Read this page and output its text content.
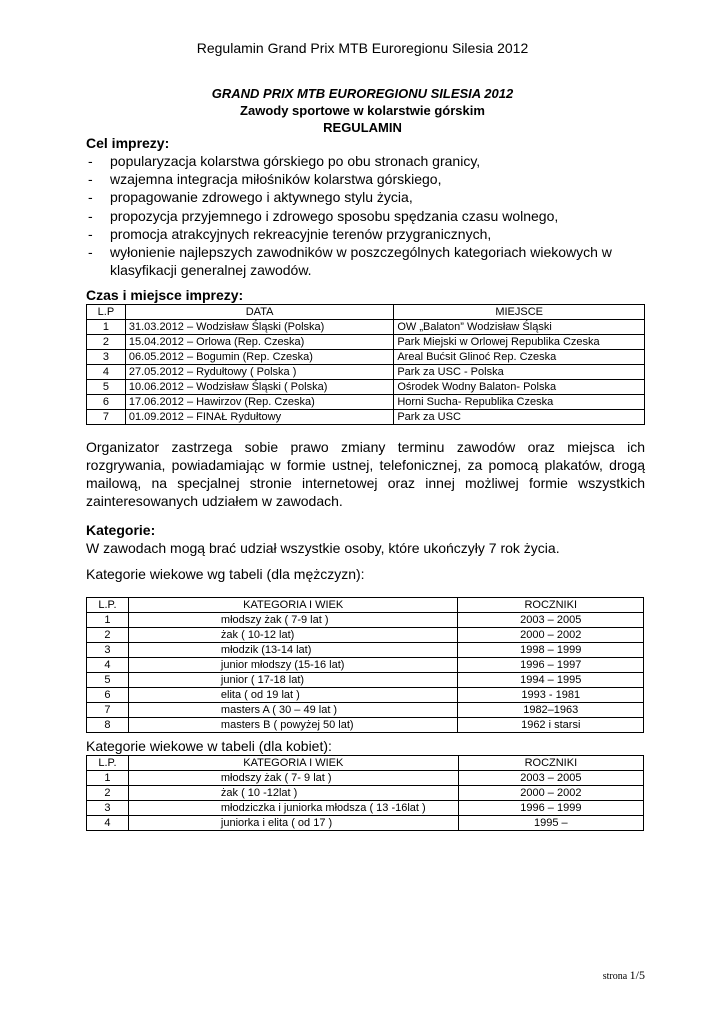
Regulamin Grand Prix MTB Euroregionu Silesia 2012
GRAND PRIX MTB EUROREGIONU SILESIA 2012
Zawody sportowe w kolarstwie górskim
REGULAMIN
Cel imprezy:
- popularyzacja kolarstwa górskiego po obu stronach granicy,
- wzajemna integracja miłośników kolarstwa górskiego,
- propagowanie zdrowego i aktywnego stylu życia,
- propozycja przyjemnego i zdrowego sposobu spędzania czasu wolnego,
- promocja atrakcyjnych rekreacyjnie terenów przygranicznych,
- wyłonienie najlepszych zawodników w poszczególnych kategoriach wiekowych w klasyfikacji generalnej zawodów.
Czas i miejsce imprezy:
L.P	DATA	MIEJSCE
1	31.03.2012 – Wodzisław Śląski (Polska)	OW „Balaton” Wodzisław Śląski
2	15.04.2012 – Orlowa (Rep. Czeska)	Park Miejski w Orlowej Republika Czeska
3	06.05.2012 – Bogumin (Rep. Czeska)	Areal Bućsit Glinoć Rep. Czeska
4	27.05.2012 – Rydułtowy ( Polska )	Park za USC - Polska
5	10.06.2012 – Wodzisław Śląski ( Polska)	Ośrodek Wodny Balaton- Polska
6	17.06.2012 – Hawirzov (Rep. Czeska)	Horni Sucha- Republika Czeska
7	01.09.2012 – FINAŁ Rydułtowy	Park za USC
Organizator zastrzega sobie prawo zmiany terminu zawodów oraz miejsca ich rozgrywania, powiadamiając w formie ustnej, telefonicznej, za pomocą plakatów, drogą mailową, na specjalnej stronie internetowej oraz innej możliwej formie wszystkich zainteresowanych udziałem w zawodach.
Kategorie:
W zawodach mogą brać udział wszystkie osoby, które ukończyły 7 rok życia.
Kategorie wiekowe wg tabeli (dla mężczyzn):
L.P.	KATEGORIA I WIEK	ROCZNIKI
1	młodszy żak ( 7-9 lat )	2003 – 2005
2	żak ( 10-12 lat)	2000 – 2002
3	młodzik (13-14 lat)	1998 – 1999
4	junior młodszy (15-16 lat)	1996 – 1997
5	junior ( 17-18 lat)	1994 – 1995
6	elita ( od 19 lat )	1993 - 1981
7	masters A ( 30 – 49 lat )	1982–1963
8	masters B ( powyżej 50 lat)	1962 i starsi
Kategorie wiekowe w tabeli (dla kobiet):
L.P.	KATEGORIA I WIEK	ROCZNIKI
1	młodszy żak ( 7- 9 lat )	2003 – 2005
2	żak ( 10 -12lat )	2000 – 2002
3	młodziczka i juniorka młodsza ( 13 -16lat )	1996 – 1999
4	juniorka i elita ( od 17 )	1995 –
strona 1/5
